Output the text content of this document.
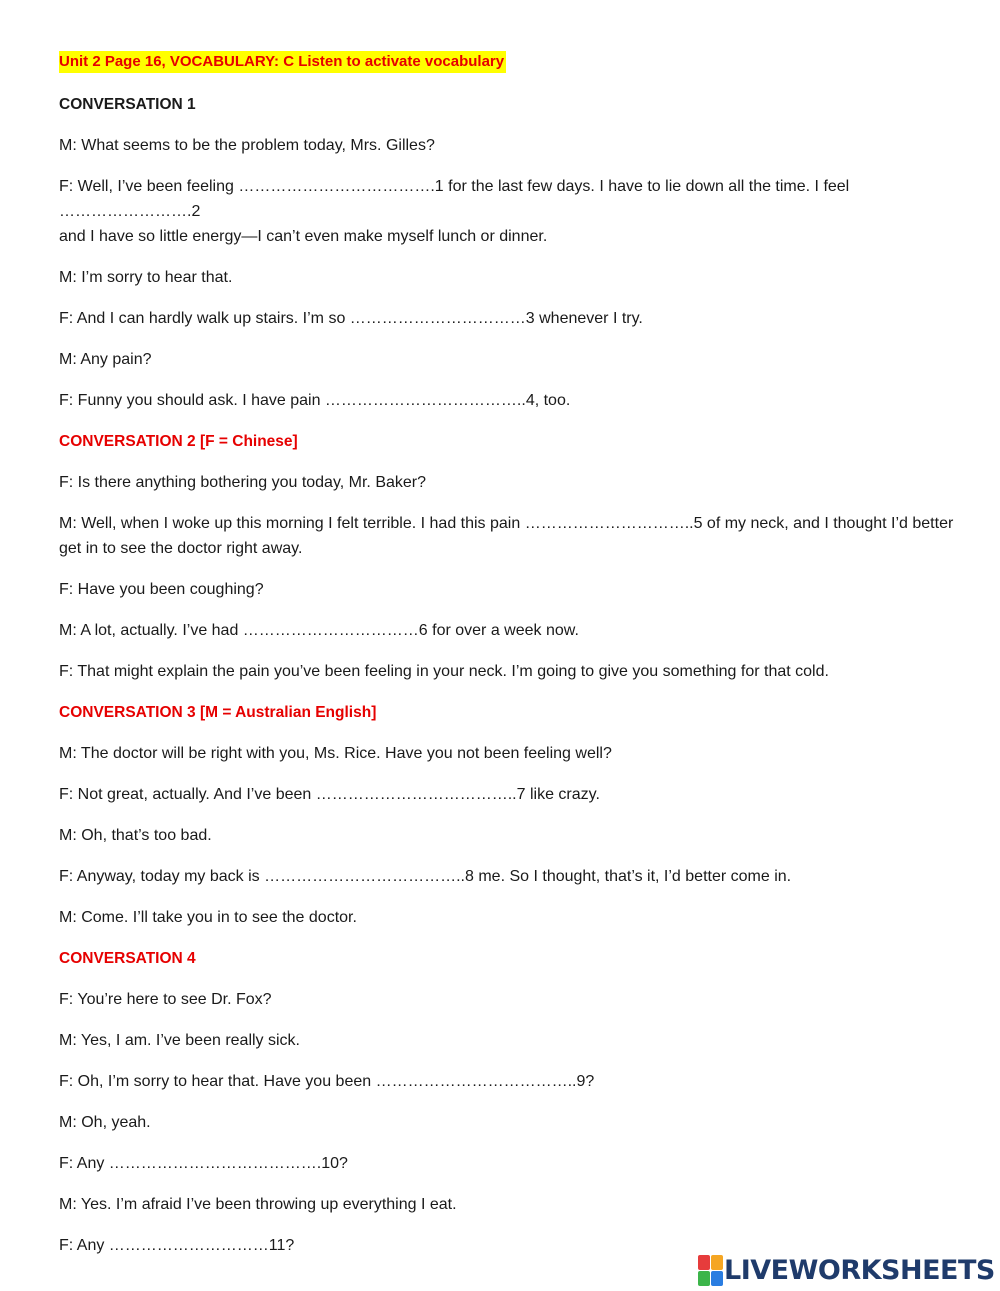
Unit 2 Page 16, VOCABULARY: C Listen to activate vocabulary

CONVERSATION 1

M: What seems to be the problem today, Mrs. Gilles?

F: Well, I’ve been feeling ……………………………….1 for the last few days. I have to lie down all the time. I feel …………………….2

and I have so little energy—I can’t even make myself lunch or dinner.

M: I’m sorry to hear that.

F: And I can hardly walk up stairs. I’m so ……………………………3 whenever I try.

M: Any pain?

F: Funny you should ask. I have pain ………………………………..4, too.

CONVERSATION 2 [F = Chinese]

F: Is there anything bothering you today, Mr. Baker?

M: Well, when I woke up this morning I felt terrible. I had this pain …………………………..5 of my neck, and I thought I’d better

get in to see the doctor right away.

F: Have you been coughing?

M: A lot, actually. I’ve had ……………………………6 for over a week now.

F: That might explain the pain you’ve been feeling in your neck. I’m going to give you something for that cold.

CONVERSATION 3 [M = Australian English]

M: The doctor will be right with you, Ms. Rice. Have you not been feeling well?

F: Not great, actually. And I’ve been ………………………………..7 like crazy.

M: Oh, that’s too bad.

F: Anyway, today my back is ………………………………..8 me. So I thought, that’s it, I’d better come in.

M: Come. I’ll take you in to see the doctor.

CONVERSATION 4

F: You’re here to see Dr. Fox?

M: Yes, I am. I’ve been really sick.

F: Oh, I’m sorry to hear that. Have you been ………………………………..9?

M: Oh, yeah.

F: Any ………………………………….10?

M: Yes. I’m afraid I’ve been throwing up everything I eat.

F: Any …………………………11?

LIVEWORKSHEETS
